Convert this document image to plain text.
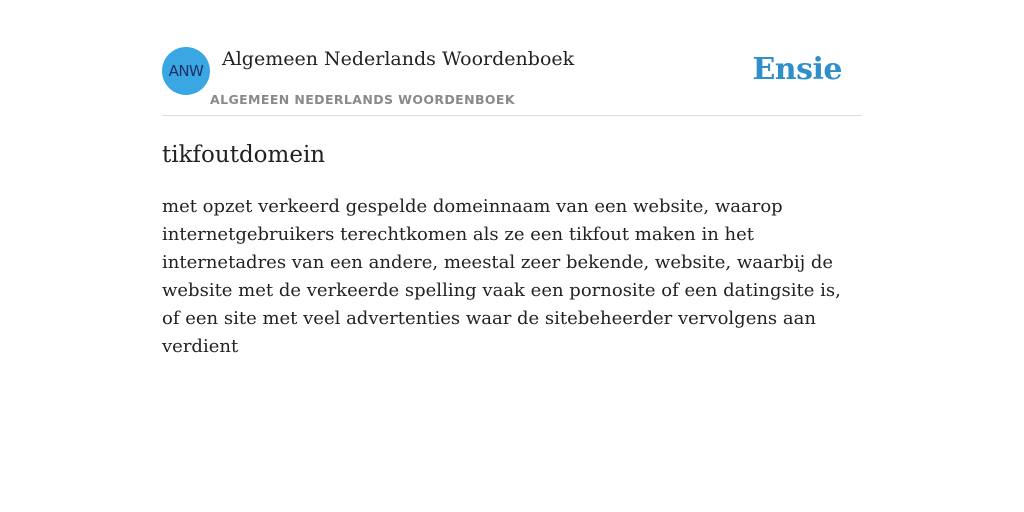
ANW
Algemeen Nederlands Woordenboek
ALGEMEEN NEDERLANDS WOORDENBOEK
Ensie
tikfoutdomein

met opzet verkeerd gespelde domeinnaam van een website, waarop internetgebruikers terechtkomen als ze een tikfout maken in het internetadres van een andere, meestal zeer bekende, website, waarbij de website met de verkeerde spelling vaak een pornosite of een datingsite is, of een site met veel advertenties waar de sitebeheerder vervolgens aan verdient
